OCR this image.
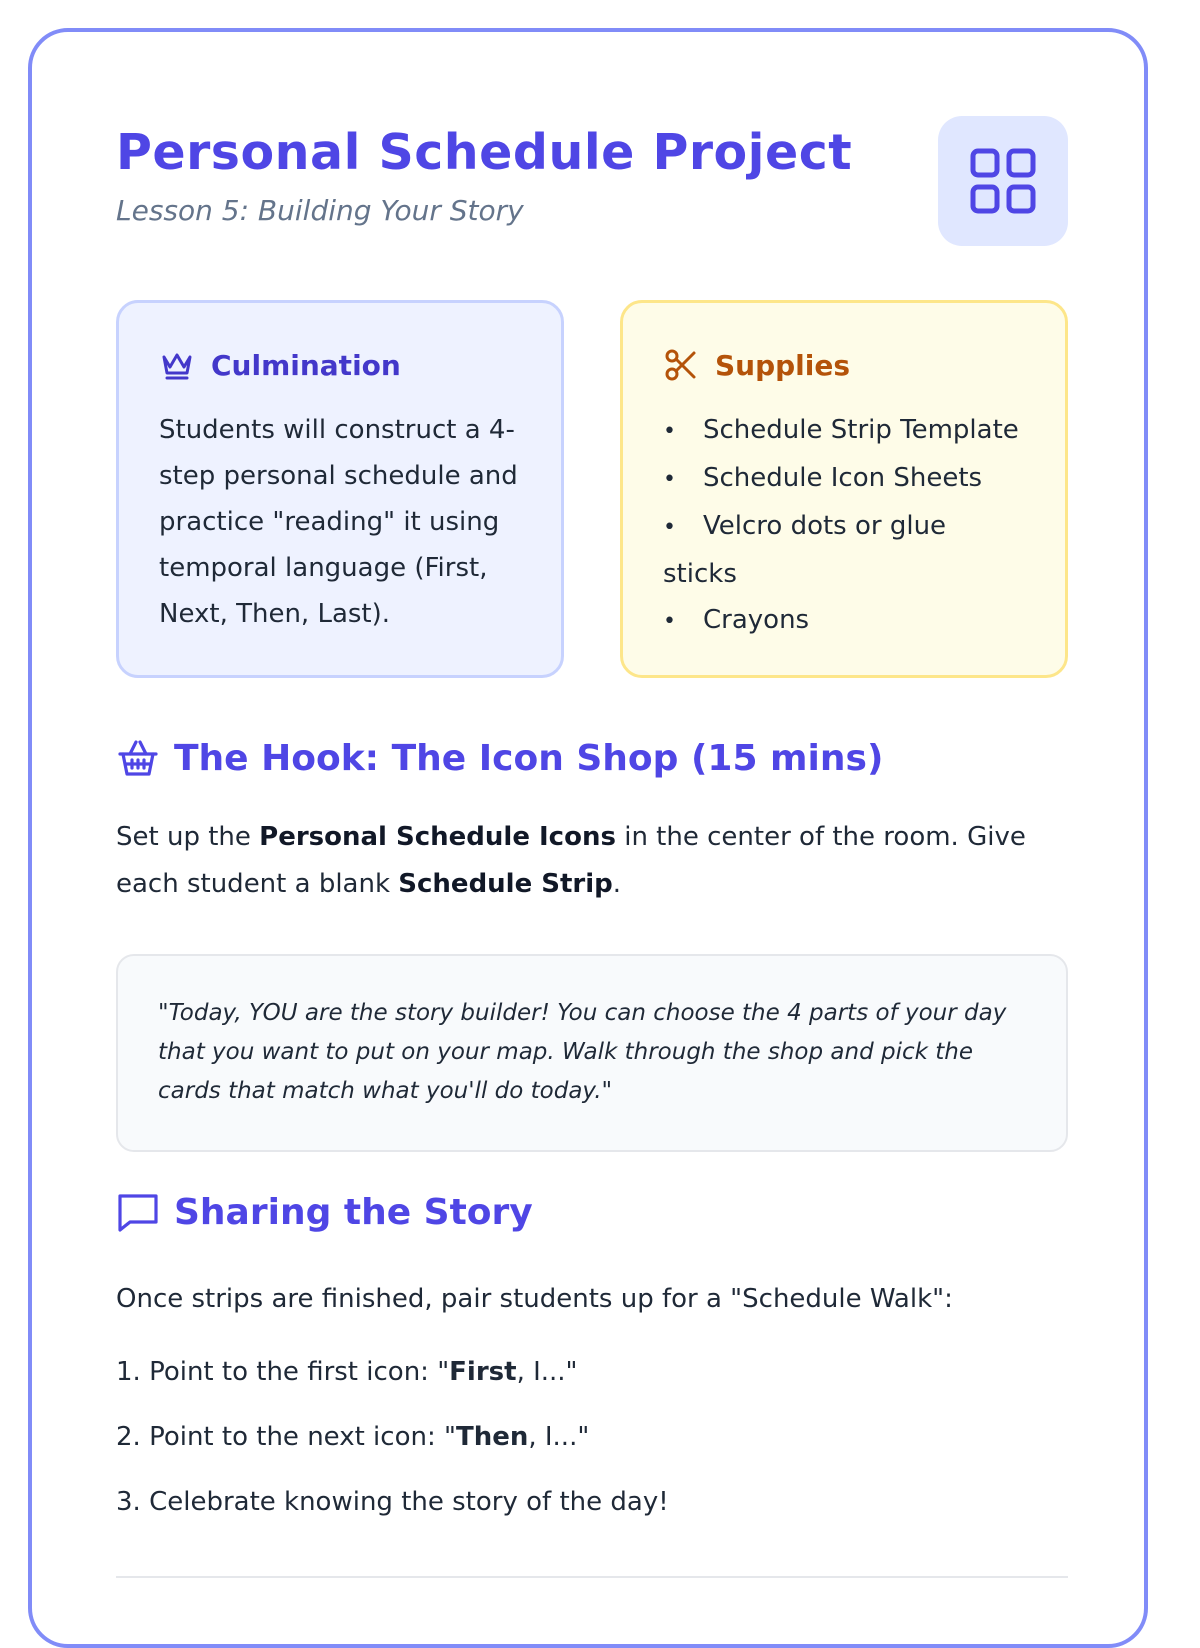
Personal Schedule Project

Lesson 5: Building Your Story

Culmination
Students will construct a 4-step personal schedule and practice "reading" it using temporal language (First, Next, Then, Last).
Supplies
• Schedule Strip Template
• Schedule Icon Sheets
• Velcro dots or glue sticks
• Crayons
The Hook: The Icon Shop (15 mins)

Set up the Personal Schedule Icons in the center of the room. Give each student a blank Schedule Strip.

"Today, YOU are the story builder! You can choose the 4 parts of your day that you want to put on your map. Walk through the shop and pick the cards that match what you'll do today."
Sharing the Story

Once strips are finished, pair students up for a "Schedule Walk":

1. Point to the first icon: "First, I..."

2. Point to the next icon: "Then, I..."

3. Celebrate knowing the story of the day!
